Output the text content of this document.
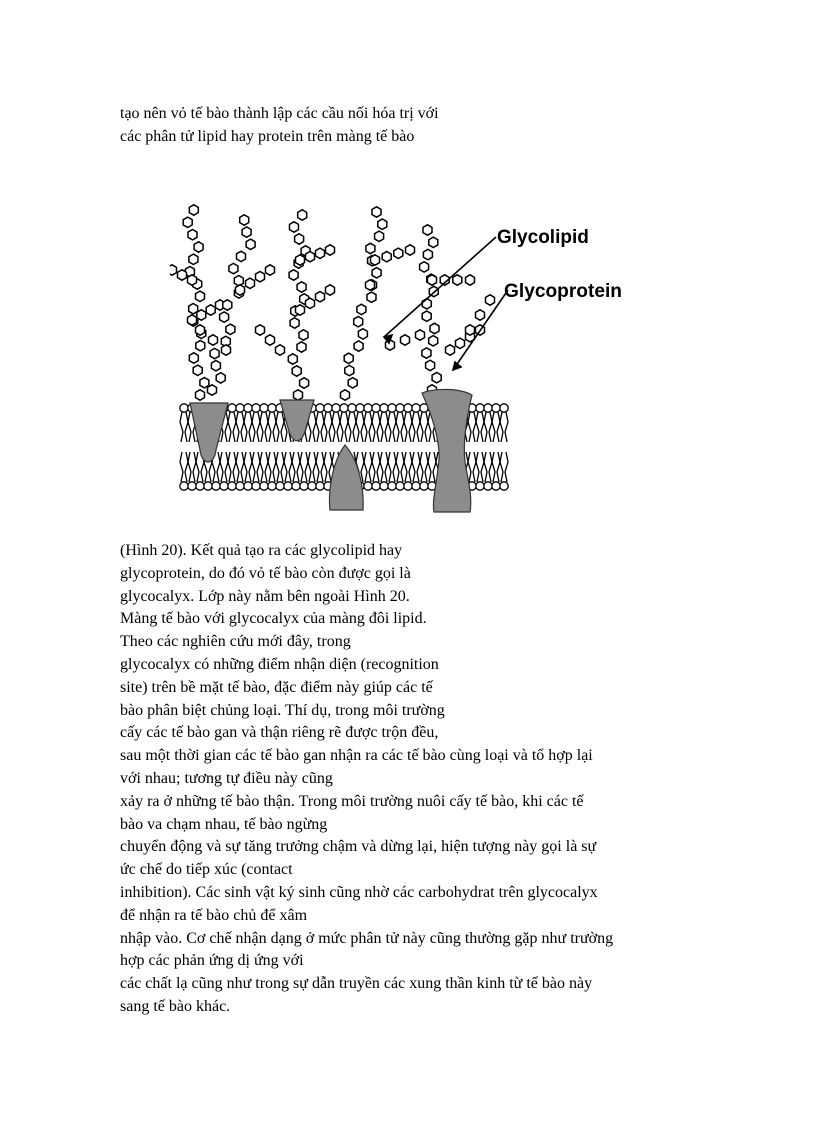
tạo nên vỏ tế bào thành lập các cầu nối hóa trị với

các phân tử lipid hay protein trên màng tế bào

Glycolipid
Glycoprotein

(Hình 20). Kết quả tạo ra các glycolipid hay

glycoprotein, do đó vỏ tế bào còn được gọi là

glycocalyx. Lớp này nằm bên ngoài Hình 20.

Màng tế bào với glycocalyx của màng đôi lipid.

Theo các nghiên cứu mới đây, trong

glycocalyx có những điểm nhận diện (recognition

site) trên bề mặt tế bào, đặc điểm này giúp các tế

bào phân biệt chủng loại. Thí dụ, trong môi trường

cấy các tế bào gan và thận riêng rẽ được trộn đều,

sau một thời gian các tế bào gan nhận ra các tế bào cùng loại và tổ hợp lại

với nhau; tương tự điều này cũng

xảy ra ở những tế bào thận. Trong môi trường nuôi cấy tế bào, khi các tế

bào va chạm nhau, tế bào ngừng

chuyển động và sự tăng trưởng chậm và dừng lại, hiện tượng này gọi là sự

ức chế do tiếp xúc (contact

inhibition). Các sinh vật ký sinh cũng nhờ các carbohydrat trên glycocalyx

để nhận ra tế bào chủ để xâm

nhập vào. Cơ chế nhận dạng ở mức phân tử này cũng thường gặp như trường

hợp các phản ứng dị ứng với

các chất lạ cũng như trong sự dẫn truyền các xung thần kinh từ tế bào này

sang tế bào khác.
